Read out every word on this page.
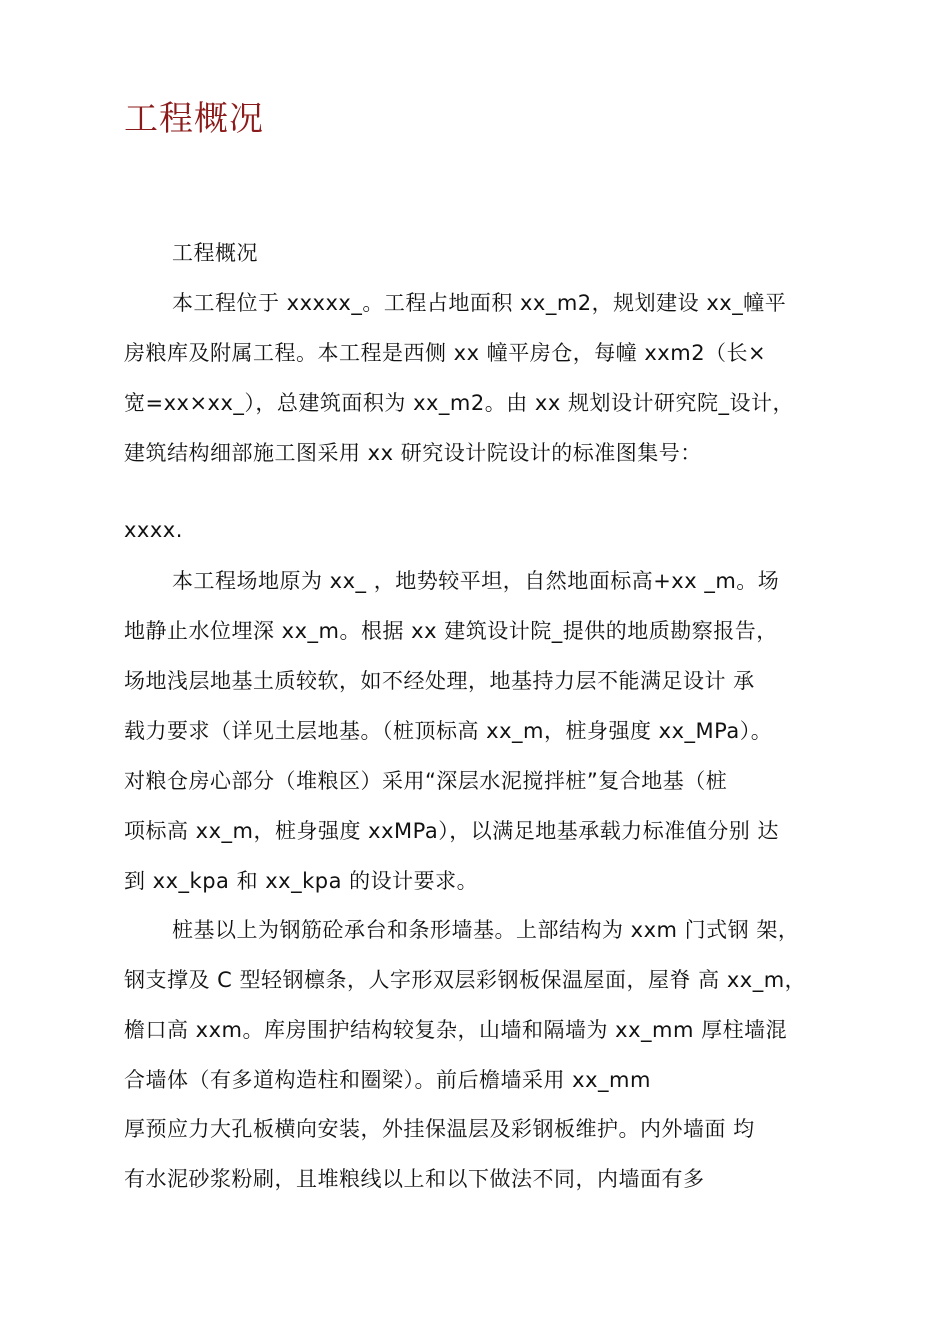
工程概况

工程概况

本工程位于 xxxxx_。工程占地面积 xx_m2，规划建设 xx_幢平

房粮库及附属工程。本工程是西侧 xx 幢平房仓，每幢 xxm2（长×

宽=xx×xx_），总建筑面积为 xx_m2。由 xx 规划设计研究院_设计，

建筑结构细部施工图采用 xx 研究设计院设计的标准图集号：

xxxx.

本工程场地原为 xx_ ，地势较平坦，自然地面标高+xx _m。场

地静止水位埋深 xx_m。根据 xx 建筑设计院_提供的地质勘察报告，

场地浅层地基土质较软，如不经处理，地基持力层不能满足设计 承

载力要求（详见土层地基。（桩顶标高 xx_m，桩身强度 xx_MPa）。

对粮仓房心部分（堆粮区）采用“深层水泥搅拌桩”复合地基（桩

项标高 xx_m，桩身强度 xxMPa），以满足地基承载力标准值分别 达

到 xx_kpa 和 xx_kpa 的设计要求。

桩基以上为钢筋砼承台和条形墙基。上部结构为 xxm 门式钢 架，

钢支撑及 C 型轻钢檩条，人字形双层彩钢板保温屋面，屋脊 高 xx_m，

檐口高 xxm。库房围护结构较复杂，山墙和隔墙为 xx_mm 厚柱墙混

合墙体（有多道构造柱和圈梁）。前后檐墙采用 xx_mm

厚预应力大孔板横向安装，外挂保温层及彩钢板维护。内外墙面 均

有水泥砂浆粉刷，且堆粮线以上和以下做法不同，内墙面有多
